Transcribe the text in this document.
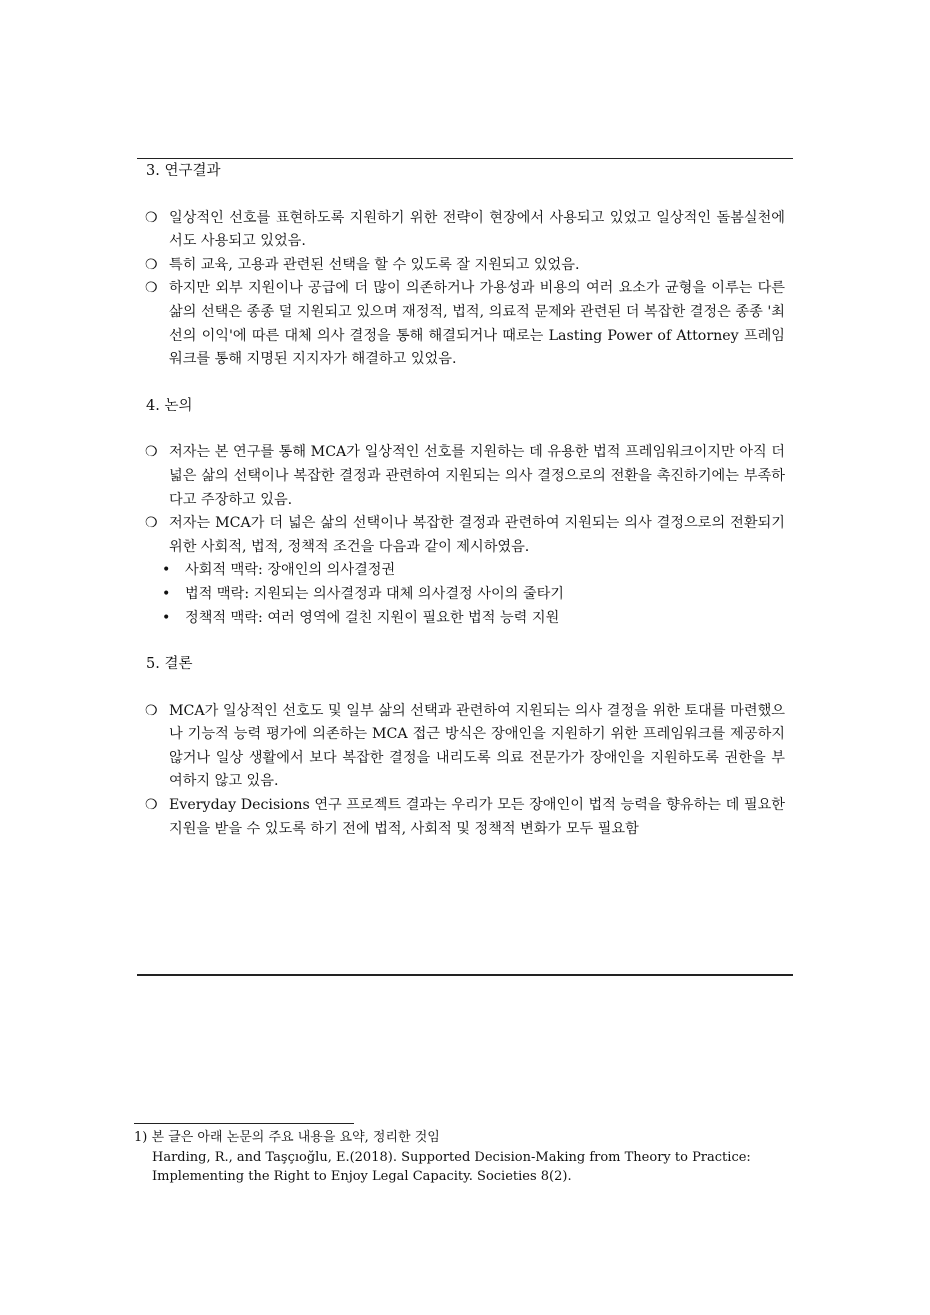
3. 연구결과
❍ 일상적인 선호를 표현하도록 지원하기 위한 전략이 현장에서 사용되고 있었고 일상적인 돌봄실천에서도 사용되고 있었음.
❍ 특히 교육, 고용과 관련된 선택을 할 수 있도록 잘 지원되고 있었음.
❍ 하지만 외부 지원이나 공급에 더 많이 의존하거나 가용성과 비용의 여러 요소가 균형을 이루는 다른 삶의 선택은 종종 덜 지원되고 있으며 재정적, 법적, 의료적 문제와 관련된 더 복잡한 결정은 종종 '최선의 이익'에 따른 대체 의사 결정을 통해 해결되거나 때로는 Lasting Power of Attorney 프레임워크를 통해 지명된 지지자가 해결하고 있었음.
4. 논의
❍ 저자는 본 연구를 통해 MCA가 일상적인 선호를 지원하는 데 유용한 법적 프레임워크이지만 아직 더 넓은 삶의 선택이나 복잡한 결정과 관련하여 지원되는 의사 결정으로의 전환을 촉진하기에는 부족하다고 주장하고 있음.
❍ 저자는 MCA가 더 넓은 삶의 선택이나 복잡한 결정과 관련하여 지원되는 의사 결정으로의 전환되기 위한 사회적, 법적, 정책적 조건을 다음과 같이 제시하였음.
• 사회적 맥락: 장애인의 의사결정권
• 법적 맥락: 지원되는 의사결정과 대체 의사결정 사이의 줄타기
• 정책적 맥락: 여러 영역에 걸친 지원이 필요한 법적 능력 지원
5. 결론
❍ MCA가 일상적인 선호도 및 일부 삶의 선택과 관련하여 지원되는 의사 결정을 위한 토대를 마련했으나 기능적 능력 평가에 의존하는 MCA 접근 방식은 장애인을 지원하기 위한 프레임워크를 제공하지 않거나 일상 생활에서 보다 복잡한 결정을 내리도록 의료 전문가가 장애인을 지원하도록 권한을 부여하지 않고 있음.
❍ Everyday Decisions 연구 프로젝트 결과는 우리가 모든 장애인이 법적 능력을 향유하는 데 필요한 지원을 받을 수 있도록 하기 전에 법적, 사회적 및 정책적 변화가 모두 필요함
1) 본 글은 아래 논문의 주요 내용을 요약, 정리한 것임
Harding, R., and Taşçıoğlu, E.(2018). Supported Decision-Making from Theory to Practice:
Implementing the Right to Enjoy Legal Capacity. Societies 8(2).
